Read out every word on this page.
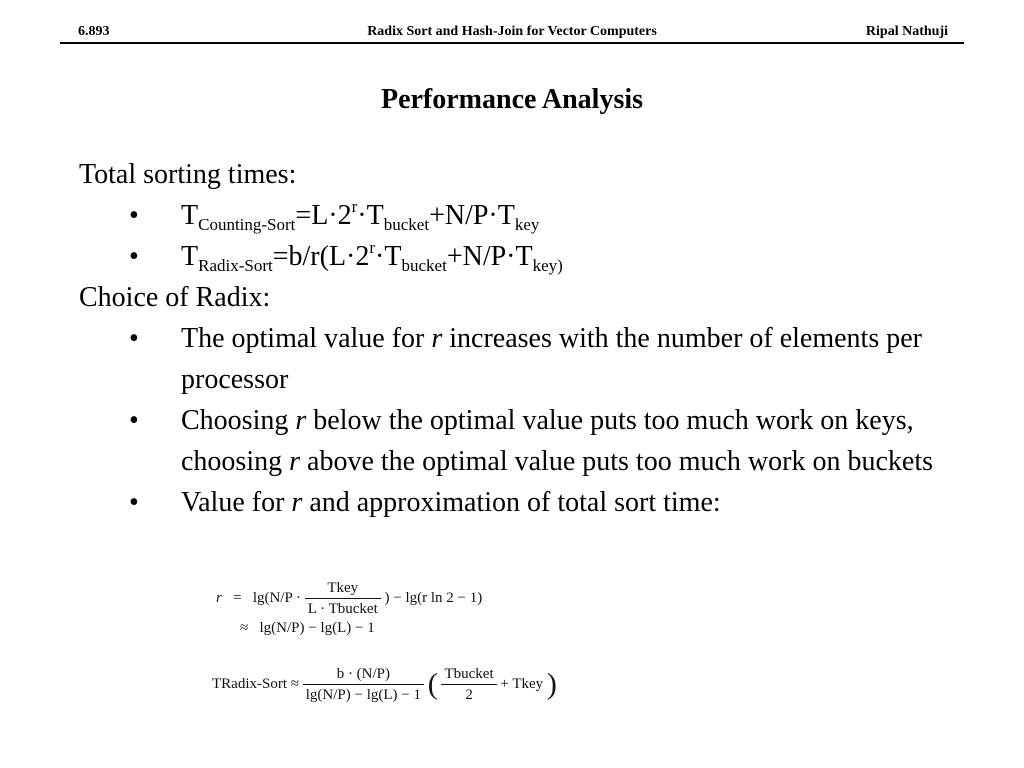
6.893	Radix Sort and Hash-Join for Vector Computers	Ripal Nathuji
Performance Analysis

Total sorting times:

• $T_{Counting-Sort}=L\cdot 2^r\cdot T_{bucket}+N/P\cdot T_{key}$
• $T_{Radix-Sort}=b/r(L\cdot 2^r\cdot T_{bucket}+N/P\cdot T_{key)}$

Choice of Radix:

• The optimal value for r increases with the number of elements per processor
• Choosing r below the optimal value puts too much work on keys, choosing r above the optimal value puts too much work on buckets
• Value for r and approximation of total sort time:
$r = \lg(N/P \cdot \frac{\text{Tkey}}{\text{L · Tbucket}}$ ) − lg(r ln 2 − 1)
≈ lg(N/P) − lg(L) − 1
TRadix-Sort ≈ $\frac{b \cdot (N/P)}{\lg(N/P) - \lg(L) - 1}$ ( $\frac{\text{Tbucket}}{2}$ + Tkey )
